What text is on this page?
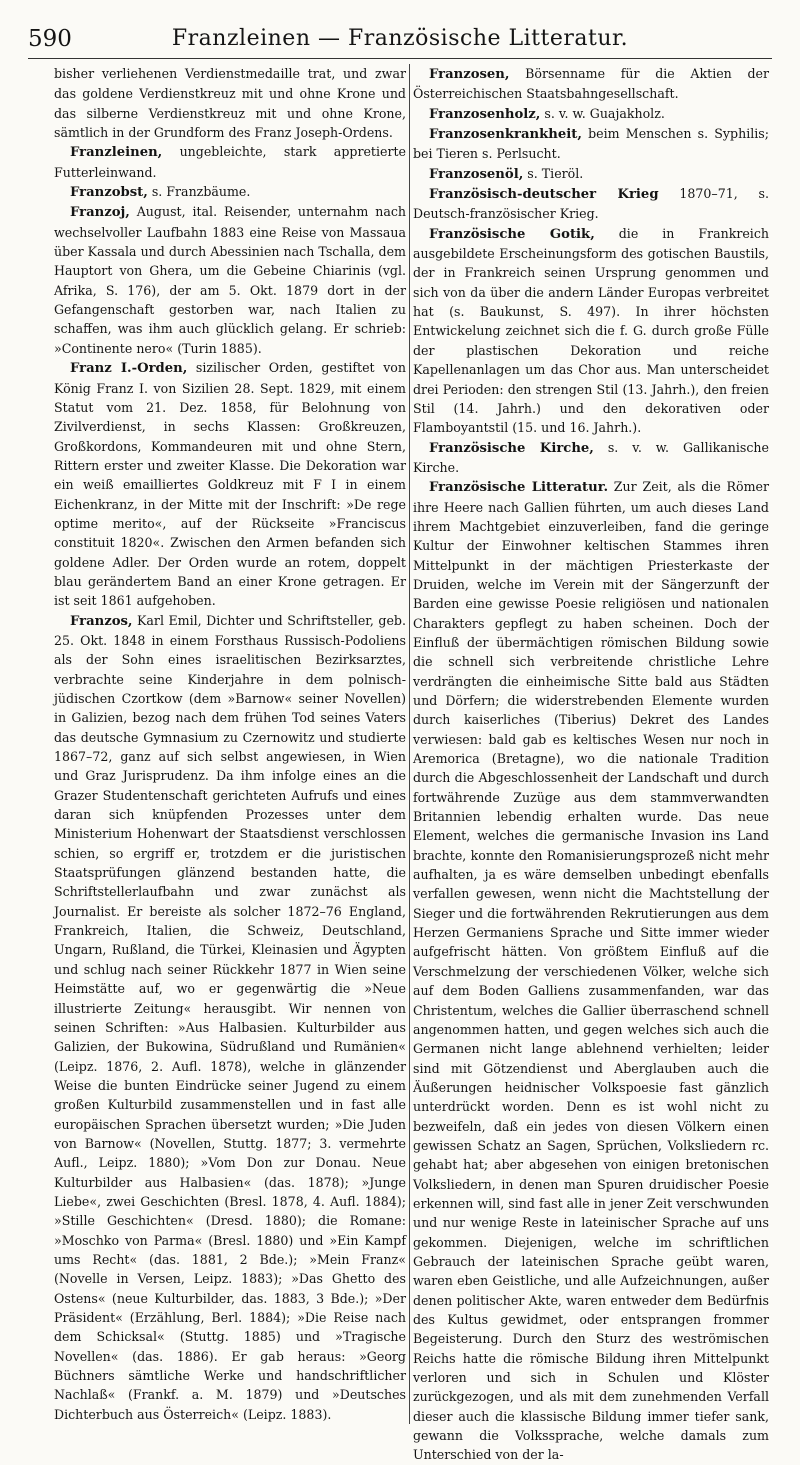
590	Franzleinen — Französische Litteratur.

bisher verliehenen Verdienstmedaille trat, und zwar das goldene Verdienstkreuz mit und ohne Krone und das silberne Verdienstkreuz mit und ohne Krone, sämtlich in der Grundform des Franz Joseph-Ordens.

Franzleinen, ungebleichte, stark appretierte Futterleinwand.

Franzobst, s. Franzbäume.

Franzoj, August, ital. Reisender, unternahm nach wechselvoller Laufbahn 1883 eine Reise von Massaua über Kassala und durch Abessinien nach Tschalla, dem Hauptort von Ghera, um die Gebeine Chiarinis (vgl. Afrika, S. 176), der am 5. Okt. 1879 dort in der Gefangenschaft gestorben war, nach Italien zu schaffen, was ihm auch glücklich gelang. Er schrieb: »Continente nero« (Turin 1885).

Franz I.-Orden, sizilischer Orden, gestiftet von König Franz I. von Sizilien 28. Sept. 1829, mit einem Statut vom 21. Dez. 1858, für Belohnung von Zivilverdienst, in sechs Klassen: Großkreuzen, Großkordons, Kommandeuren mit und ohne Stern, Rittern erster und zweiter Klasse. Die Dekoration war ein weiß emailliertes Goldkreuz mit F I in einem Eichenkranz, in der Mitte mit der Inschrift: »De rege optime merito«, auf der Rückseite »Franciscus constituit 1820«. Zwischen den Armen befanden sich goldene Adler. Der Orden wurde an rotem, doppelt blau gerändertem Band an einer Krone getragen. Er ist seit 1861 aufgehoben.

Franzos, Karl Emil, Dichter und Schriftsteller, geb. 25. Okt. 1848 in einem Forsthaus Russisch-Podoliens als der Sohn eines israelitischen Bezirksarztes, verbrachte seine Kinderjahre in dem polnisch-jüdischen Czortkow (dem »Barnow« seiner Novellen) in Galizien, bezog nach dem frühen Tod seines Vaters das deutsche Gymnasium zu Czernowitz und studierte 1867–72, ganz auf sich selbst angewiesen, in Wien und Graz Jurisprudenz. Da ihm infolge eines an die Grazer Studentenschaft gerichteten Aufrufs und eines daran sich knüpfenden Prozesses unter dem Ministerium Hohenwart der Staatsdienst verschlossen schien, so ergriff er, trotzdem er die juristischen Staatsprüfungen glänzend bestanden hatte, die Schriftstellerlaufbahn und zwar zunächst als Journalist. Er bereiste als solcher 1872–76 England, Frankreich, Italien, die Schweiz, Deutschland, Ungarn, Rußland, die Türkei, Kleinasien und Ägypten und schlug nach seiner Rückkehr 1877 in Wien seine Heimstätte auf, wo er gegenwärtig die »Neue illustrierte Zeitung« herausgibt. Wir nennen von seinen Schriften: »Aus Halbasien. Kulturbilder aus Galizien, der Bukowina, Südrußland und Rumänien« (Leipz. 1876, 2. Aufl. 1878), welche in glänzender Weise die bunten Eindrücke seiner Jugend zu einem großen Kulturbild zusammenstellen und in fast alle europäischen Sprachen übersetzt wurden; »Die Juden von Barnow« (Novellen, Stuttg. 1877; 3. vermehrte Aufl., Leipz. 1880); »Vom Don zur Donau. Neue Kulturbilder aus Halbasien« (das. 1878); »Junge Liebe«, zwei Geschichten (Bresl. 1878, 4. Aufl. 1884); »Stille Geschichten« (Dresd. 1880); die Romane: »Moschko von Parma« (Bresl. 1880) und »Ein Kampf ums Recht« (das. 1881, 2 Bde.); »Mein Franz« (Novelle in Versen, Leipz. 1883); »Das Ghetto des Ostens« (neue Kulturbilder, das. 1883, 3 Bde.); »Der Präsident« (Erzählung, Berl. 1884); »Die Reise nach dem Schicksal« (Stuttg. 1885) und »Tragische Novellen« (das. 1886). Er gab heraus: »Georg Büchners sämtliche Werke und handschriftlicher Nachlaß« (Frankf. a. M. 1879) und »Deutsches Dichterbuch aus Österreich« (Leipz. 1883).

Franzosen, Börsenname für die Aktien der Österreichischen Staatsbahngesellschaft.

Franzosenholz, s. v. w. Guajakholz.

Franzosenkrankheit, beim Menschen s. Syphilis; bei Tieren s. Perlsucht.

Franzosenöl, s. Tieröl.

Französisch-deutscher Krieg 1870–71, s. Deutsch-französischer Krieg.

Französische Gotik, die in Frankreich ausgebildete Erscheinungsform des gotischen Baustils, der in Frankreich seinen Ursprung genommen und sich von da über die andern Länder Europas verbreitet hat (s. Baukunst, S. 497). In ihrer höchsten Entwickelung zeichnet sich die f. G. durch große Fülle der plastischen Dekoration und reiche Kapellenanlagen um das Chor aus. Man unterscheidet drei Perioden: den strengen Stil (13. Jahrh.), den freien Stil (14. Jahrh.) und den dekorativen oder Flamboyantstil (15. und 16. Jahrh.).

Französische Kirche, s. v. w. Gallikanische Kirche.

Französische Litteratur. Zur Zeit, als die Römer ihre Heere nach Gallien führten, um auch dieses Land ihrem Machtgebiet einzuverleiben, fand die geringe Kultur der Einwohner keltischen Stammes ihren Mittelpunkt in der mächtigen Priesterkaste der Druiden, welche im Verein mit der Sängerzunft der Barden eine gewisse Poesie religiösen und nationalen Charakters gepflegt zu haben scheinen. Doch der Einfluß der übermächtigen römischen Bildung sowie die schnell sich verbreitende christliche Lehre verdrängten die einheimische Sitte bald aus Städten und Dörfern; die widerstrebenden Elemente wurden durch kaiserliches (Tiberius) Dekret des Landes verwiesen: bald gab es keltisches Wesen nur noch in Aremorica (Bretagne), wo die nationale Tradition durch die Abgeschlossenheit der Landschaft und durch fortwährende Zuzüge aus dem stammverwandten Britannien lebendig erhalten wurde. Das neue Element, welches die germanische Invasion ins Land brachte, konnte den Romanisierungsprozeß nicht mehr aufhalten, ja es wäre demselben unbedingt ebenfalls verfallen gewesen, wenn nicht die Machtstellung der Sieger und die fortwährenden Rekrutierungen aus dem Herzen Germaniens Sprache und Sitte immer wieder aufgefrischt hätten. Von größtem Einfluß auf die Verschmelzung der verschiedenen Völker, welche sich auf dem Boden Galliens zusammenfanden, war das Christentum, welches die Gallier überraschend schnell angenommen hatten, und gegen welches sich auch die Germanen nicht lange ablehnend verhielten; leider sind mit Götzendienst und Aberglauben auch die Äußerungen heidnischer Volkspoesie fast gänzlich unterdrückt worden. Denn es ist wohl nicht zu bezweifeln, daß ein jedes von diesen Völkern einen gewissen Schatz an Sagen, Sprüchen, Volksliedern rc. gehabt hat; aber abgesehen von einigen bretonischen Volksliedern, in denen man Spuren druidischer Poesie erkennen will, sind fast alle in jener Zeit verschwunden und nur wenige Reste in lateinischer Sprache auf uns gekommen. Diejenigen, welche im schriftlichen Gebrauch der lateinischen Sprache geübt waren, waren eben Geistliche, und alle Aufzeichnungen, außer denen politischer Akte, waren entweder dem Bedürfnis des Kultus gewidmet, oder entsprangen frommer Begeisterung. Durch den Sturz des weströmischen Reichs hatte die römische Bildung ihren Mittelpunkt verloren und sich in Schulen und Klöster zurückgezogen, und als mit dem zunehmenden Verfall dieser auch die klassische Bildung immer tiefer sank, gewann die Volkssprache, welche damals zum Unterschied von der la-
